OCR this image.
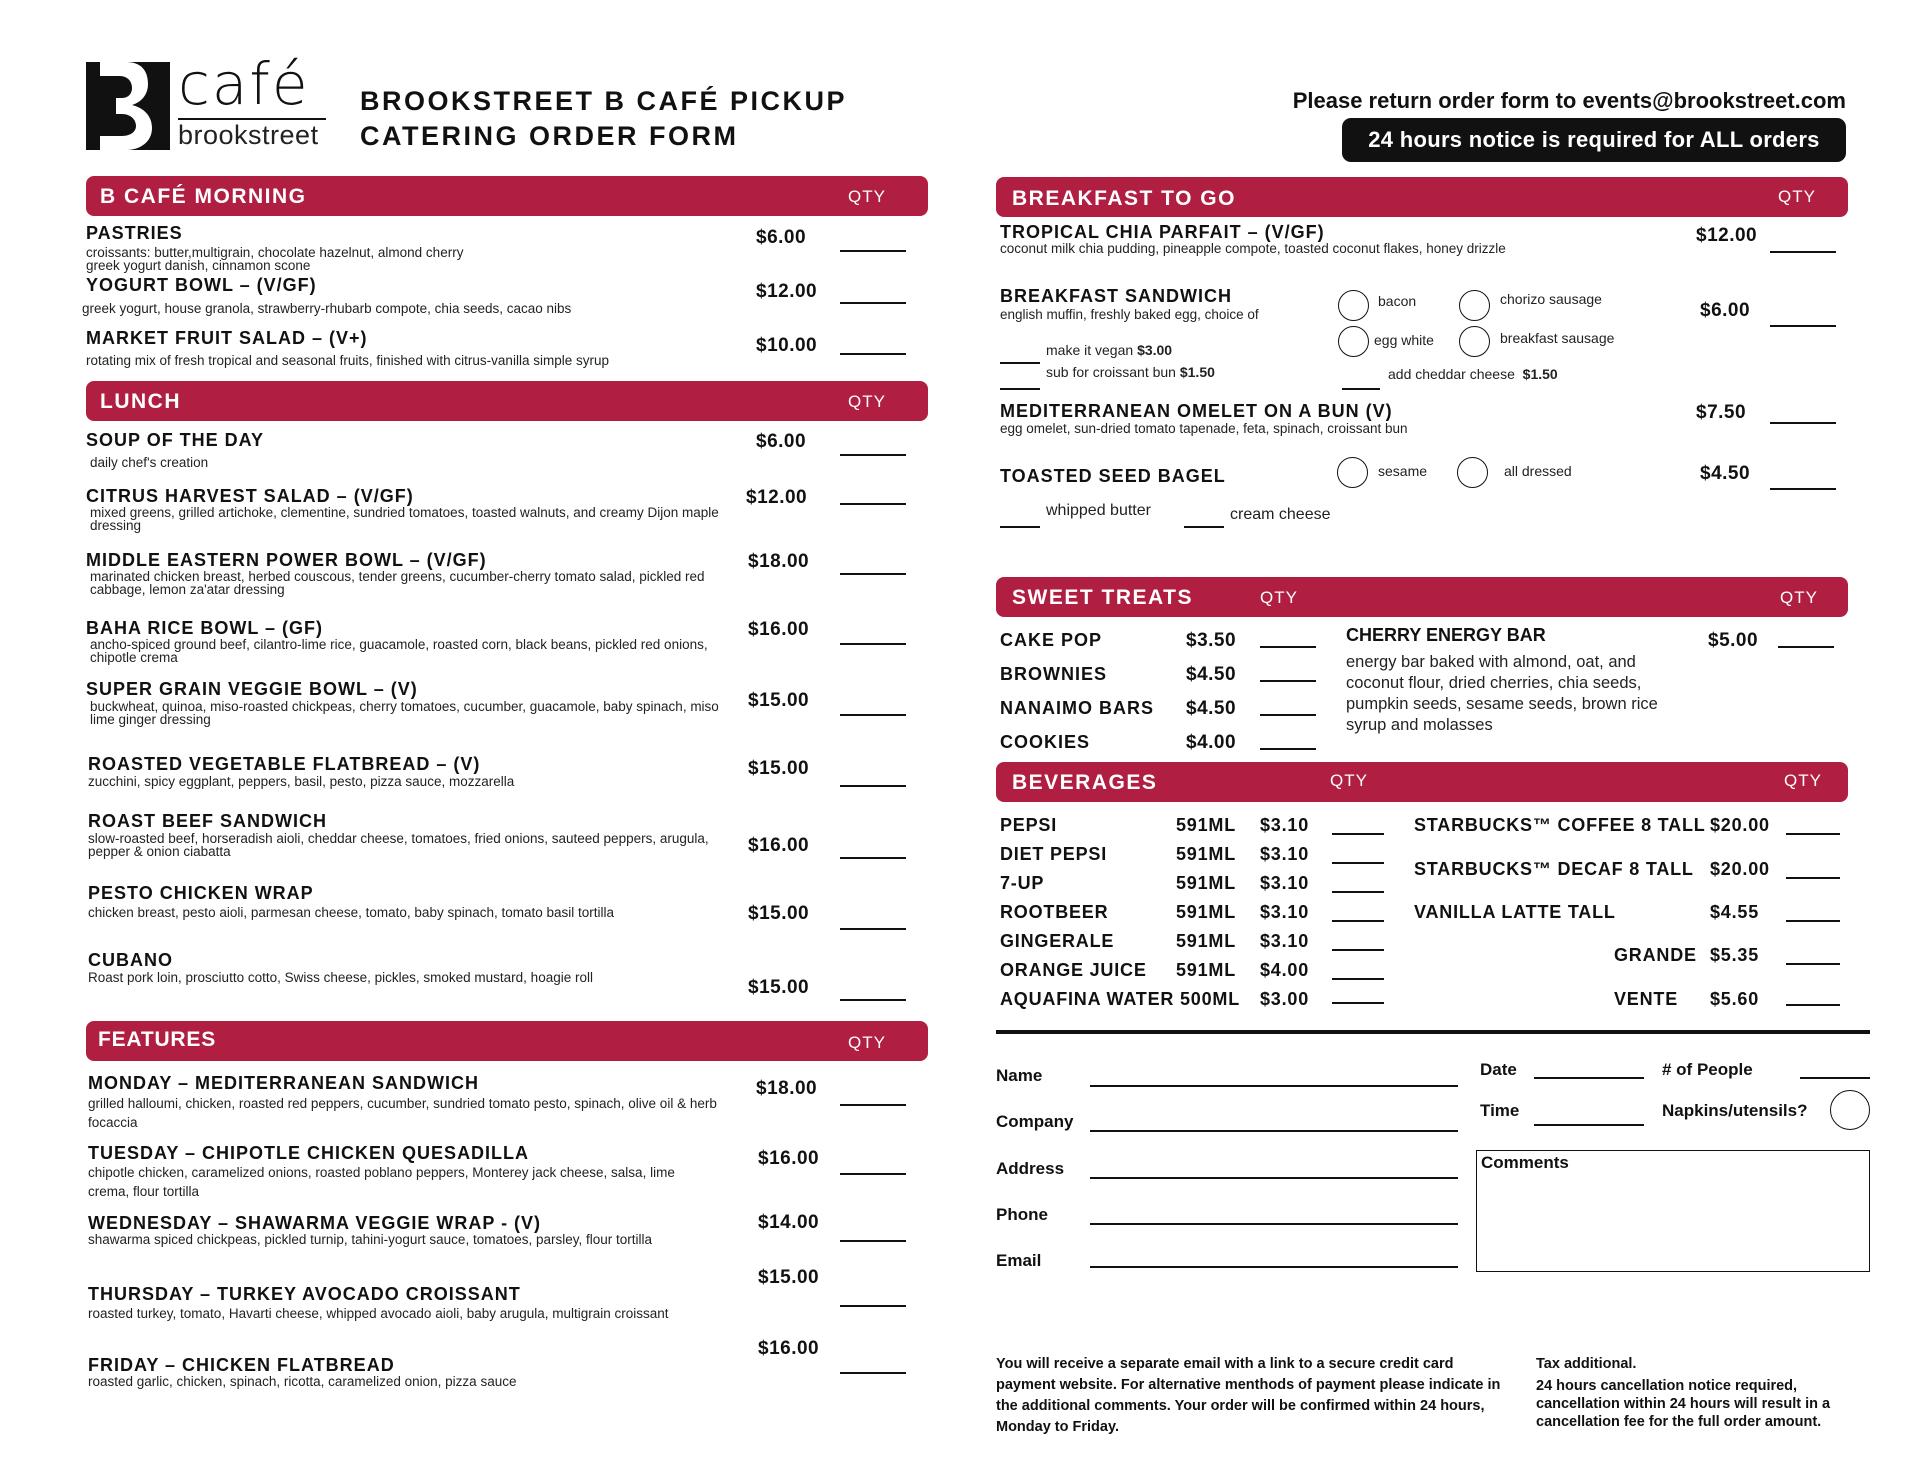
café
brookstreet
BROOKSTREET B CAFÉ PICKUP
CATERING ORDER FORM
Please return order form to events@brookstreet.com
24 hours notice is required for ALL orders
B CAFÉ MORNING	QTY
PASTRIES
croissants: butter,multigrain, chocolate hazelnut, almond cherry greek yogurt danish, cinnamon scone
$6.00
YOGURT BOWL – (V/GF)
greek yogurt, house granola, strawberry-rhubarb compote, chia seeds, cacao nibs
$12.00
MARKET FRUIT SALAD – (V+)
rotating mix of fresh tropical and seasonal fruits, finished with citrus-vanilla simple syrup
$10.00
LUNCH	QTY
SOUP OF THE DAY
daily chef's creation
$6.00
CITRUS HARVEST SALAD – (V/GF)
mixed greens, grilled artichoke, clementine, sundried tomatoes, toasted walnuts, and creamy Dijon maple dressing
$12.00
MIDDLE EASTERN POWER BOWL – (V/GF)
marinated chicken breast, herbed couscous, tender greens, cucumber-cherry tomato salad, pickled red cabbage, lemon za'atar dressing
$18.00
BAHA RICE BOWL – (GF)
ancho-spiced ground beef, cilantro-lime rice, guacamole, roasted corn, black beans, pickled red onions, chipotle crema
$16.00
SUPER GRAIN VEGGIE BOWL – (V)
buckwheat, quinoa, miso-roasted chickpeas, cherry tomatoes, cucumber, guacamole, baby spinach, miso lime ginger dressing
$15.00
ROASTED VEGETABLE FLATBREAD – (V)
zucchini, spicy eggplant, peppers, basil, pesto, pizza sauce, mozzarella
$15.00
ROAST BEEF SANDWICH
slow-roasted beef, horseradish aioli, cheddar cheese, tomatoes, fried onions, sauteed peppers, arugula, pepper & onion ciabatta	$16.00
PESTO CHICKEN WRAP
chicken breast, pesto aioli, parmesan cheese, tomato, baby spinach, tomato basil tortilla	$15.00
CUBANO
Roast pork loin, prosciutto cotto, Swiss cheese, pickles, smoked mustard, hoagie roll	$15.00
FEATURES	QTY
MONDAY – MEDITERRANEAN SANDWICH
grilled halloumi, chicken, roasted red peppers, cucumber, sundried tomato pesto, spinach, olive oil & herb focaccia
$18.00
TUESDAY – CHIPOTLE CHICKEN QUESADILLA
chipotle chicken, caramelized onions, roasted poblano peppers, Monterey jack cheese, salsa, lime crema, flour tortilla
$16.00
WEDNESDAY – SHAWARMA VEGGIE WRAP - (V)
shawarma spiced chickpeas, pickled turnip, tahini-yogurt sauce, tomatoes, parsley, flour tortilla
$14.00
THURSDAY – TURKEY AVOCADO CROISSANT
roasted turkey, tomato, Havarti cheese, whipped avocado aioli, baby arugula, multigrain croissant
$15.00
FRIDAY – CHICKEN FLATBREAD
roasted garlic, chicken, spinach, ricotta, caramelized onion, pizza sauce
$16.00
BREAKFAST TO GO	QTY
TROPICAL CHIA PARFAIT – (V/GF)
coconut milk chia pudding, pineapple compote, toasted coconut flakes, honey drizzle
$12.00
BREAKFAST SANDWICH
english muffin, freshly baked egg, choice of	$6.00
bacon	chorizo sausage
egg white	breakfast sausage
make it vegan $3.00
sub for croissant bun $1.50	add cheddar cheese $1.50
MEDITERRANEAN OMELET ON A BUN (V)
egg omelet, sun-dried tomato tapenade, feta, spinach, croissant bun
$7.50
TOASTED SEED BAGEL	sesame	all dressed	$4.50
whipped butter	cream cheese
SWEET TREATS	QTY	QTY
CAKE POP	$3.50
BROWNIES	$4.50
NANAIMO BARS $4.50
COOKIES	$4.00
CHERRY ENERGY BAR
energy bar baked with almond, oat, and coconut flour, dried cherries, chia seeds, pumpkin seeds, sesame seeds, brown rice syrup and molasses
$5.00
BEVERAGES	QTY	QTY
PEPSI	591ML $3.10
DIET PEPSI	591ML $3.10
7-UP	591ML $3.10
ROOTBEER	591ML $3.10
GINGERALE	591ML $3.10
ORANGE JUICE 591ML $4.00
AQUAFINA WATER 500ML $3.00
STARBUCKS™ COFFEE 8 TALL $20.00
STARBUCKS™ DECAF 8 TALL $20.00
VANILLA LATTE TALL	$4.55
GRANDE $5.35
VENTE $5.60
Name
Company
Address
Phone
Email
Date
Time
# of People
Napkins/utensils?
Comments
You will receive a separate email with a link to a secure credit card payment website. For alternative menthods of payment please indicate in the additional comments. Your order will be confirmed within 24 hours, Monday to Friday.
Tax additional.
24 hours cancellation notice required, cancellation within 24 hours will result in a cancellation fee for the full order amount.
